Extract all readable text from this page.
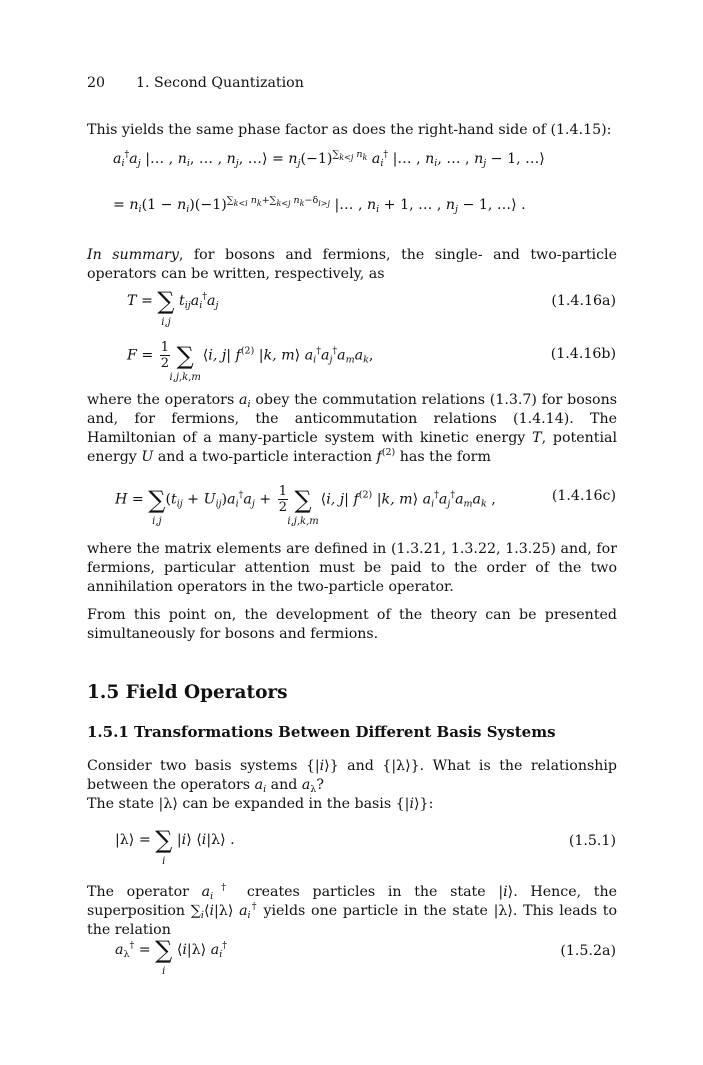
20 1. Second Quantization
This yields the same phase factor as does the right-hand side of (1.4.15):
$a_i^\dagger a_j$ |… , $n_i$, … , $n_j$, …⟩ = $n_j(-1)^{\sum_{k<j} n_k}$ $a_i^\dagger$ |… , $n_i$, … , $n_j - 1$, …⟩
= $n_i(1 - n_i)(-1)^{\sum_{k<i} n_k+\sum_{k<j} n_k-\delta_{i>j}}$ |… , $n_i + 1$, … , $n_j - 1$, …⟩ .
In summary, for bosons and fermions, the single- and two-particle operators can be written, respectively, as
T = ∑
i,j
$t_{ij}a_i^\dagger a_j$	(1.4.16a)
$F = \frac{1}{2}$ ∑
i,j,k,m
⟨i, j| $f^{(2)}$ |k, m⟩ $a_i^\dagger a_j^\dagger a_ma_k$,	(1.4.16b)
where the operators $a_i$ obey the commutation relations (1.3.7) for bosons and, for fermions, the anticommutation relations (1.4.14). The Hamiltonian of a many-particle system with kinetic energy T, potential energy U and a two-particle interaction $f^{(2)}$ has the form
H = ∑
i,j
$(t_{ij} + U_{ij})a_i^\dagger a_j + \frac{1}{2}$ ∑
i,j,k,m
⟨i, j| $f^{(2)}$ |k, m⟩ $a_i^\dagger a_j^\dagger a_ma_k$ ,	(1.4.16c)
where the matrix elements are defined in (1.3.21, 1.3.22, 1.3.25) and, for fermions, particular attention must be paid to the order of the two annihilation operators in the two-particle operator.
From this point on, the development of the theory can be presented simultaneously for bosons and fermions.
1.5 Field Operators
1.5.1 Transformations Between Different Basis Systems
Consider two basis systems {|i⟩} and {|λ⟩}. What is the relationship between the operators $a_i$ and $a_\lambda$?
The state |λ⟩ can be expanded in the basis {|i⟩}:
|λ⟩ = ∑
i
|i⟩ ⟨i|λ⟩ .	(1.5.1)
The operator $a_i^\dagger$ creates particles in the state |i⟩. Hence, the superposition $\sum_i⟨i|\lambda⟩$ $a_i^\dagger$ yields one particle in the state |λ⟩. This leads to the relation
$a_\lambda^\dagger$ = ∑
i
⟨i|λ⟩ $a_i^\dagger$	(1.5.2a)
